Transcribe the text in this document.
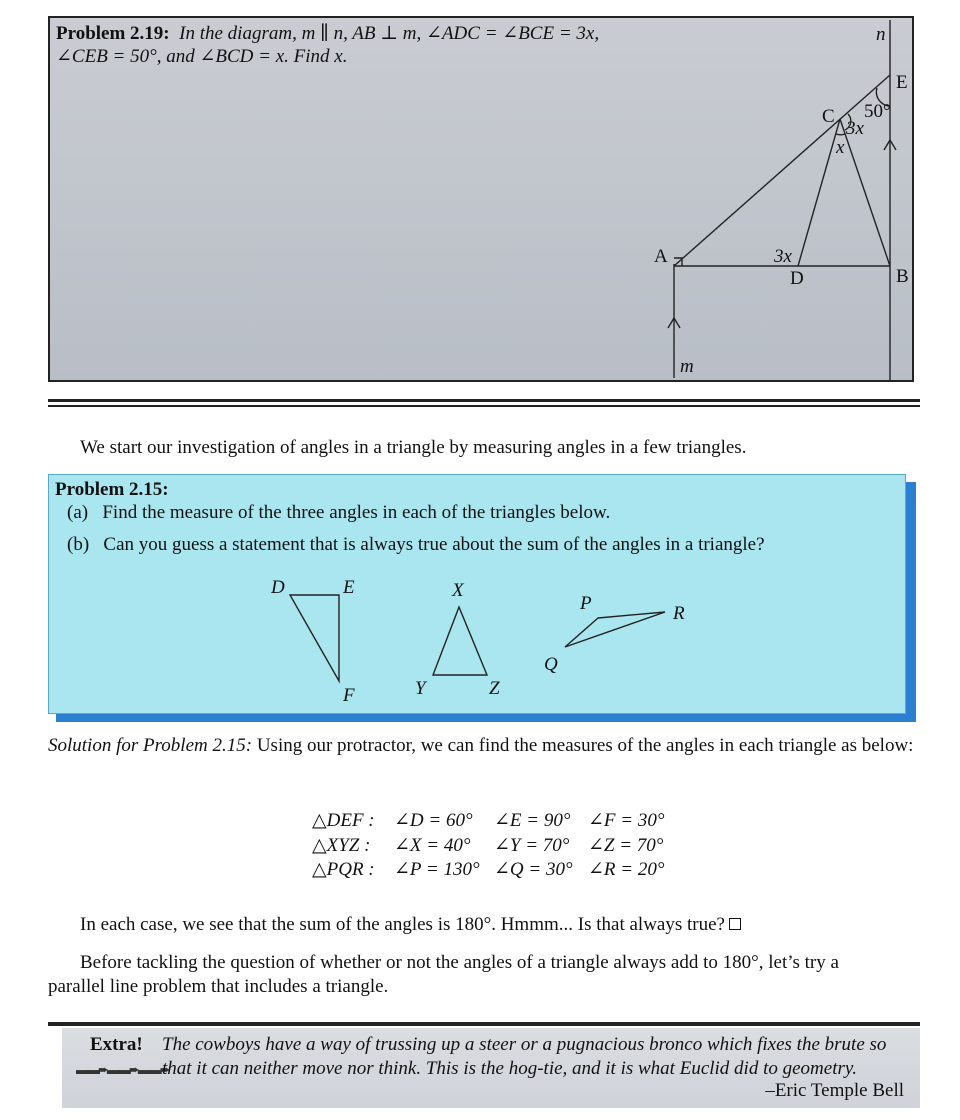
Problem 2.19: In the diagram, m ∥ n, AB ⊥ m, ∠ADC = ∠BCE = 3x,
∠CEB = 50°, and ∠BCD = x. Find x.
n
m
A
B
C
D
E
50°
3x
x
3x
We start our investigation of angles in a triangle by measuring angles in a few triangles.
Problem 2.15:
(a) Find the measure of the three angles in each of the triangles below.
(b) Can you guess a statement that is always true about the sum of the angles in a triangle?
D	E
F
X
Y	Z
P	R
Q
Solution for Problem 2.15: Using our protractor, we can find the measures of the angles in each triangle as below:
△DEF : ∠D = 60° ∠E = 90° ∠F = 30°
△XYZ : ∠X = 40° ∠Y = 70° ∠Z = 70°
△PQR : ∠P = 130° ∠Q = 30° ∠R = 20°
In each case, we see that the sum of the angles is 180°. Hmmm... Is that always true?
Before tackling the question of whether or not the angles of a triangle always add to 180°, let’s try a
parallel line problem that includes a triangle.
Extra!
▬▬➨▬▬➨▬▬➨
The cowboys have a way of trussing up a steer or a pugnacious bronco which fixes the brute so
that it can neither move nor think. This is the hog-tie, and it is what Euclid did to geometry.
–Eric Temple Bell
